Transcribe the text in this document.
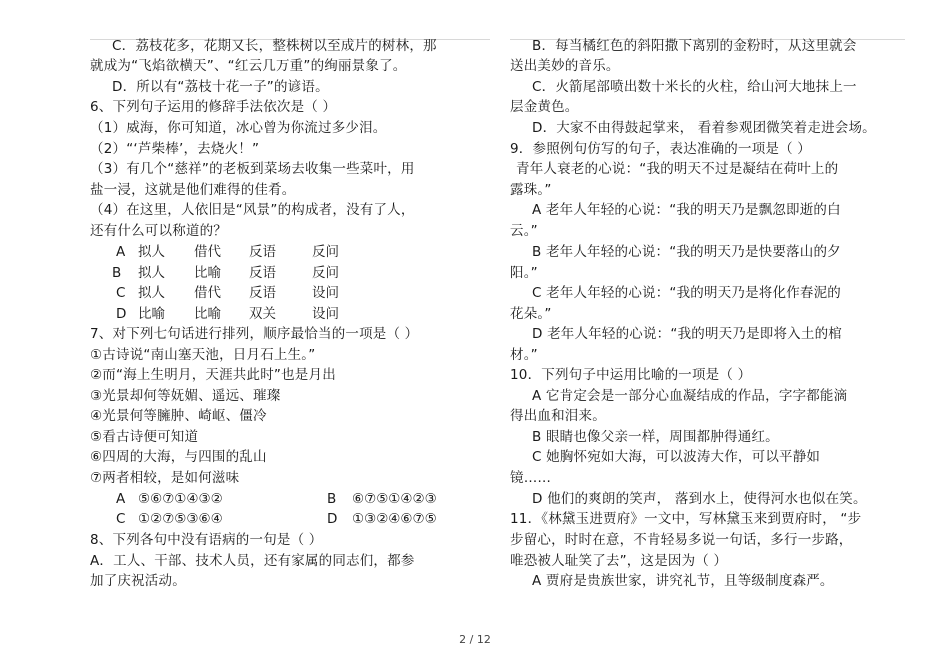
C．荔枝花多，花期又长，整株树以至成片的树林，那
就成为“飞焰欲横天”、“红云几万重”的绚丽景象了。
D．所以有“荔枝十花一子”的谚语。
6、下列句子运用的修辞手法依次是（ ）
（1）威海，你可知道，冰心曾为你流过多少泪。
（2）“‘芦柴棒’，去烧火！”
（3）有几个“慈祥”的老板到菜场去收集一些菜叶，用
盐一浸，这就是他们难得的佳肴。
（4）在这里，人依旧是“风景”的构成者，没有了人，
还有什么可以称道的？
A 拟人 借代 反语	反问
B 拟人 比喻 反语	反问
C 拟人 借代 反语	设问
D 比喻 比喻 双关	设问
7、对下列七句话进行排列，顺序最恰当的一项是（ ）
①古诗说“南山塞天池，日月石上生。”
②而“海上生明月，天涯共此时”也是月出
③光景却何等妩媚、遥远、璀璨
④光景何等臃肿、崎岖、僵冷
⑤看古诗便可知道
⑥四周的大海，与四围的乱山
⑦两者相较，是如何滋味
A ⑤⑥⑦①④③②	B ⑥⑦⑤①④②③
C ①②⑦⑤③⑥④	D ①③②④⑥⑦⑤
8、下列各句中没有语病的一句是（ ）
A．工人、干部、技术人员，还有家属的同志们，都参
加了庆祝活动。
B．每当橘红色的斜阳撒下离别的金粉时，从这里就会
送出美妙的音乐。
C．火箭尾部喷出数十米长的火柱，给山河大地抹上一
层金黄色。
D．大家不由得鼓起掌来， 看着参观团微笑着走进会场。
9．参照例句仿写的句子，表达准确的一项是（ ）
青年人衰老的心说：“我的明天不过是凝结在荷叶上的
露珠。”
A 老年人年轻的心说：“我的明天乃是飘忽即逝的白
云。”
B 老年人年轻的心说：“我的明天乃是快要落山的夕
阳。”
C 老年人年轻的心说：“我的明天乃是将化作春泥的
花朵。”
D 老年人年轻的心说：“我的明天乃是即将入土的棺
材。”
10．下列句子中运用比喻的一项是（ ）
A 它肯定会是一部分心血凝结成的作品，字字都能滴
得出血和泪来。
B 眼睛也像父亲一样，周围都肿得通红。
C 她胸怀宛如大海，可以波涛大作，可以平静如
镜……
D 他们的爽朗的笑声， 落到水上，使得河水也似在笑。
11．《林黛玉进贾府》一文中，写林黛玉来到贾府时， “步
步留心，时时在意，不肯轻易多说一句话，多行一步路，
唯恐被人耻笑了去”，这是因为（ ）
A 贾府是贵族世家，讲究礼节，且等级制度森严。
2 / 12
